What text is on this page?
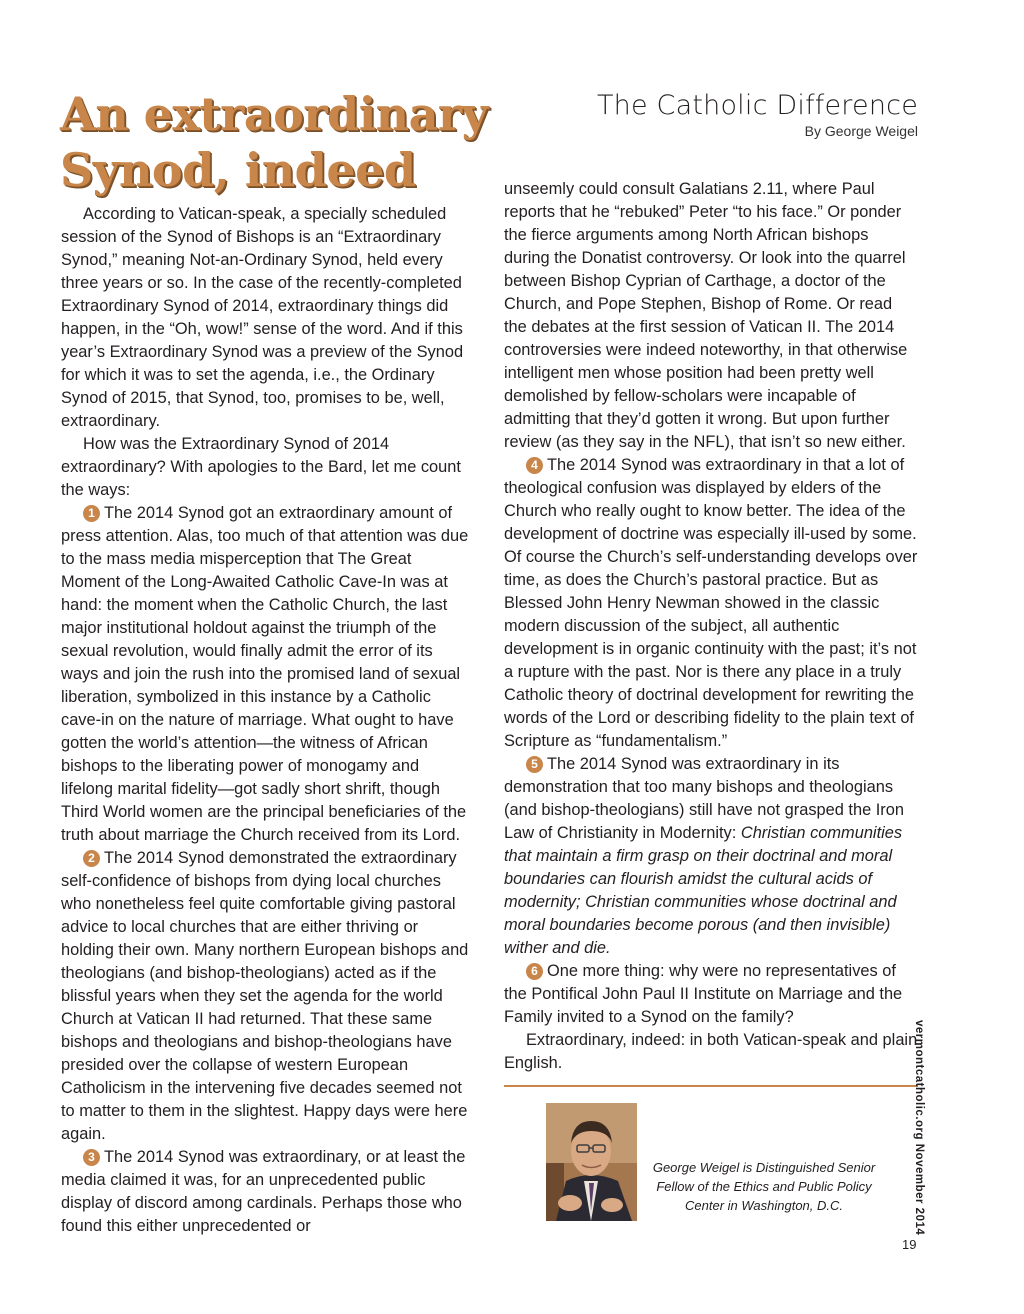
An extraordinary Synod, indeed
The Catholic Difference
By George Weigel

According to Vatican-speak, a specially scheduled session of the Synod of Bishops is an “Extraordinary Synod,” meaning Not-an-Ordinary Synod, held every three years or so. In the case of the recently-completed Extraordinary Synod of 2014, extraordinary things did happen, in the “Oh, wow!” sense of the word. And if this year’s Extraordinary Synod was a preview of the Synod for which it was to set the agenda, i.e., the Ordinary Synod of 2015, that Synod, too, promises to be, well, extraordinary.

How was the Extraordinary Synod of 2014 extraordinary? With apologies to the Bard, let me count the ways:

1 The 2014 Synod got an extraordinary amount of press attention. Alas, too much of that attention was due to the mass media misperception that The Great Moment of the Long-Awaited Catholic Cave-In was at hand: the moment when the Catholic Church, the last major institutional holdout against the triumph of the sexual revolution, would finally admit the error of its ways and join the rush into the promised land of sexual liberation, symbolized in this instance by a Catholic cave-in on the nature of marriage. What ought to have gotten the world’s attention—the witness of African bishops to the liberating power of monogamy and lifelong marital fidelity—got sadly short shrift, though Third World women are the principal beneficiaries of the truth about marriage the Church received from its Lord.

2 The 2014 Synod demonstrated the extraordinary self-confidence of bishops from dying local churches who nonetheless feel quite comfortable giving pastoral advice to local churches that are either thriving or holding their own. Many northern European bishops and theologians (and bishop-theologians) acted as if the blissful years when they set the agenda for the world Church at Vatican II had returned. That these same bishops and theologians and bishop-theologians have presided over the collapse of western European Catholicism in the intervening five decades seemed not to matter to them in the slightest. Happy days were here again.

3 The 2014 Synod was extraordinary, or at least the media claimed it was, for an unprecedented public display of discord among cardinals. Perhaps those who found this either unprecedented or

unseemly could consult Galatians 2.11, where Paul reports that he “rebuked” Peter “to his face.” Or ponder the fierce arguments among North African bishops during the Donatist controversy. Or look into the quarrel between Bishop Cyprian of Carthage, a doctor of the Church, and Pope Stephen, Bishop of Rome. Or read the debates at the first session of Vatican II. The 2014 controversies were indeed noteworthy, in that otherwise intelligent men whose position had been pretty well demolished by fellow-scholars were incapable of admitting that they’d gotten it wrong. But upon further review (as they say in the NFL), that isn’t so new either.

4 The 2014 Synod was extraordinary in that a lot of theological confusion was displayed by elders of the Church who really ought to know better. The idea of the development of doctrine was especially ill-used by some. Of course the Church’s self-understanding develops over time, as does the Church’s pastoral practice. But as Blessed John Henry Newman showed in the classic modern discussion of the subject, all authentic development is in organic continuity with the past; it’s not a rupture with the past. Nor is there any place in a truly Catholic theory of doctrinal development for rewriting the words of the Lord or describing fidelity to the plain text of Scripture as “fundamentalism.”

5 The 2014 Synod was extraordinary in its demonstration that too many bishops and theologians (and bishop-theologians) still have not grasped the Iron Law of Christianity in Modernity: Christian communities that maintain a firm grasp on their doctrinal and moral boundaries can flourish amidst the cultural acids of modernity; Christian communities whose doctrinal and moral boundaries become porous (and then invisible) wither and die.

6 One more thing: why were no representatives of the Pontifical John Paul II Institute on Marriage and the Family invited to a Synod on the family?

Extraordinary, indeed: in both Vatican-speak and plain English.

George Weigel is Distinguished Senior Fellow of the Ethics and Public Policy Center in Washington, D.C.	vermontcatholic.org November 2014
19
